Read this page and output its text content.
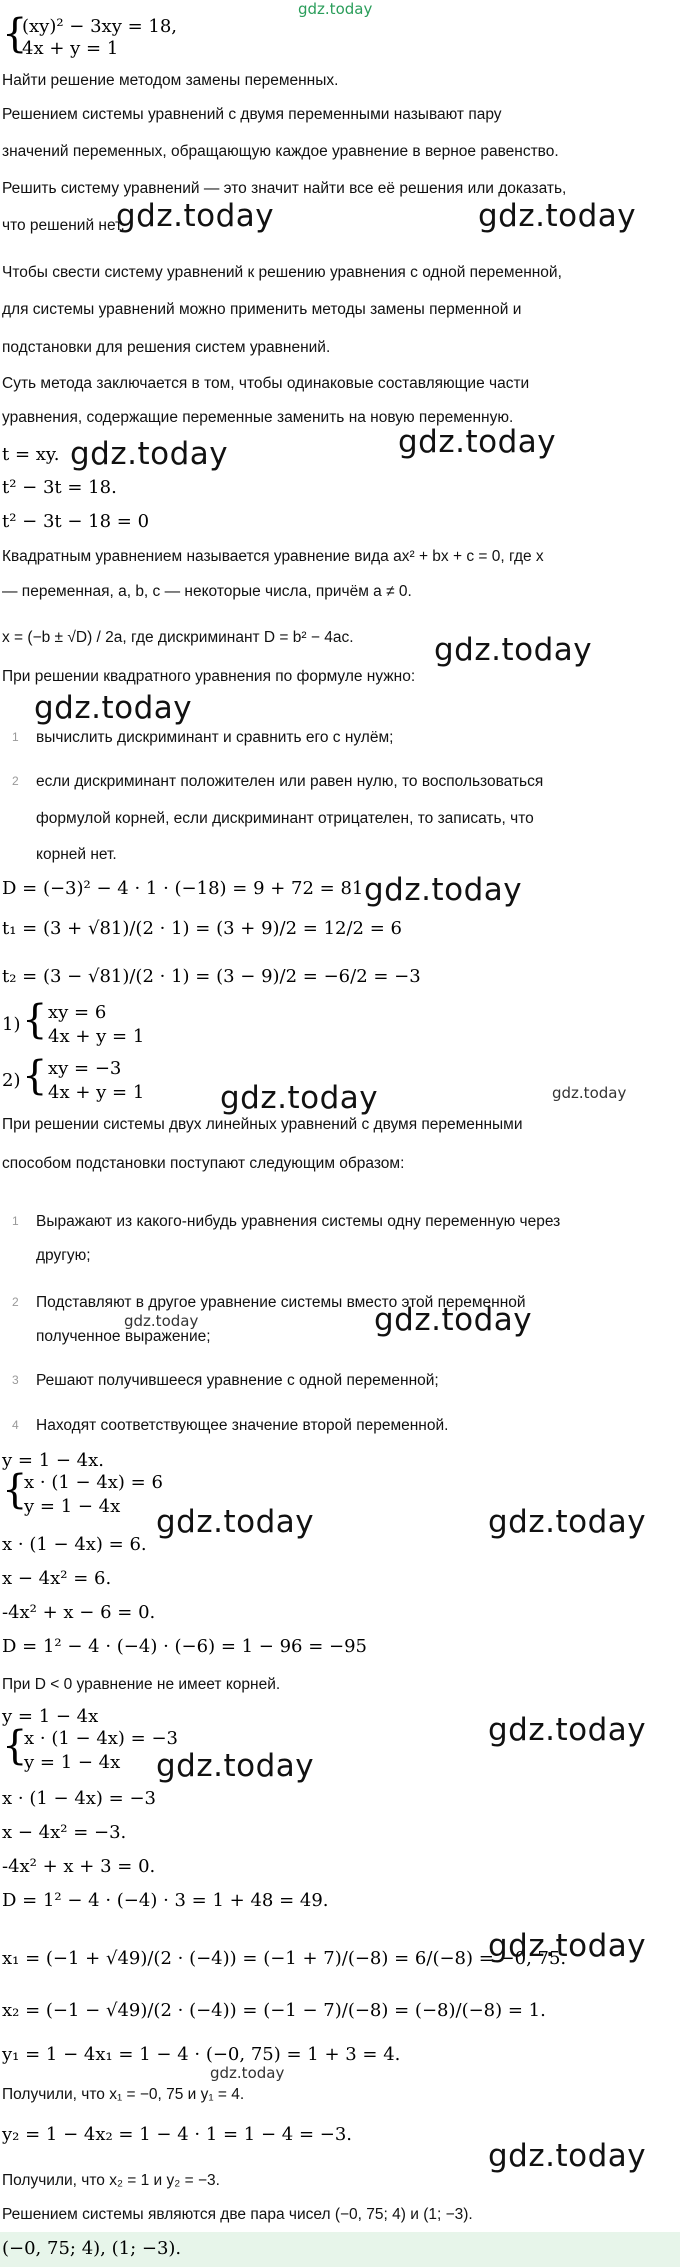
gdz.today
{
(xy)² − 3xy = 18,
4x + y = 1
Найти решение методом замены переменных.
Решением системы уравнений с двумя переменными называют пару
значений переменных, обращающую каждое уравнение в верное равенство.
Решить систему уравнений — это значит найти все её решения или доказать,
что решений нет.
gdz.today	gdz.today
Чтобы свести систему уравнений к решению уравнения с одной переменной,
для системы уравнений можно применить методы замены перменной и
подстановки для решения систем уравнений.
Суть метода заключается в том, чтобы одинаковые составляющие части
уравнения, содержащие переменные заменить на новую переменную.
t = xy. gdz.today	gdz.today
t² − 3t = 18.
t² − 3t − 18 = 0
Квадратным уравнением называется уравнение вида ax² + bx + c = 0, где x
— переменная, a, b, c — некоторые числа, причём a ≠ 0.
x = (−b ± √D) / 2a, где дискриминант D = b² − 4ac.	gdz.today
При решении квадратного уравнения по формуле нужно:
gdz.today
1 вычислить дискриминант и сравнить его с нулём;
2 если дискриминант положителен или равен нулю, то воспользоваться
формулой корней, если дискриминант отрицателен, то записать, что
корней нет.
D = (−3)² − 4 · 1 · (−18) = 9 + 72 = 81 gdz.today
t₁ = (3 + √81)/(2 · 1) = (3 + 9)/2 = 12/2 = 6
t₂ = (3 − √81)/(2 · 1) = (3 − 9)/2 = −6/2 = −3
1) { xy = 6
4x + y = 1
2) { xy = −3
4x + y = 1 gdz.today	gdz.today
При решении системы двух линейных уравнений с двумя переменными
способом подстановки поступают следующим образом:
1 Выражают из какого-нибудь уравнения системы одну переменную через
другую;
2 Подставляют в другое уравнение системы вместо этой переменной
полученное выражение;
gdz.today	gdz.today
3 Решают получившееся уравнение с одной переменной;
4 Находят соответствующее значение второй переменной.
y = 1 − 4x.
{
x · (1 − 4x) = 6
y = 1 − 4x gdz.today	gdz.today
x · (1 − 4x) = 6.
x − 4x² = 6.
-4x² + x − 6 = 0.
D = 1² − 4 · (−4) · (−6) = 1 − 96 = −95
При D < 0 уравнение не имеет корней.
y = 1 − 4x	gdz.today
{
x · (1 − 4x) = −3
y = 1 − 4x gdz.today
x · (1 − 4x) = −3
x − 4x² = −3.
-4x² + x + 3 = 0.
D = 1² − 4 · (−4) · 3 = 1 + 48 = 49.
x₁ = (−1 + √49)/(2 · (−4)) = (−1 + 7)/(−8) = 6/(−8) = −0, 75.
gdz.today
x₂ = (−1 − √49)/(2 · (−4)) = (−1 − 7)/(−8) = (−8)/(−8) = 1.
y₁ = 1 − 4x₁ = 1 − 4 · (−0, 75) = 1 + 3 = 4.
gdz.today
Получили, что x₁ = −0, 75 и y₁ = 4.
y₂ = 1 − 4x₂ = 1 − 4 · 1 = 1 − 4 = −3.
gdz.today
Получили, что x₂ = 1 и y₂ = −3.
Решением системы являются две пара чисел (−0, 75; 4) и (1; −3).
(−0, 75; 4), (1; −3).
